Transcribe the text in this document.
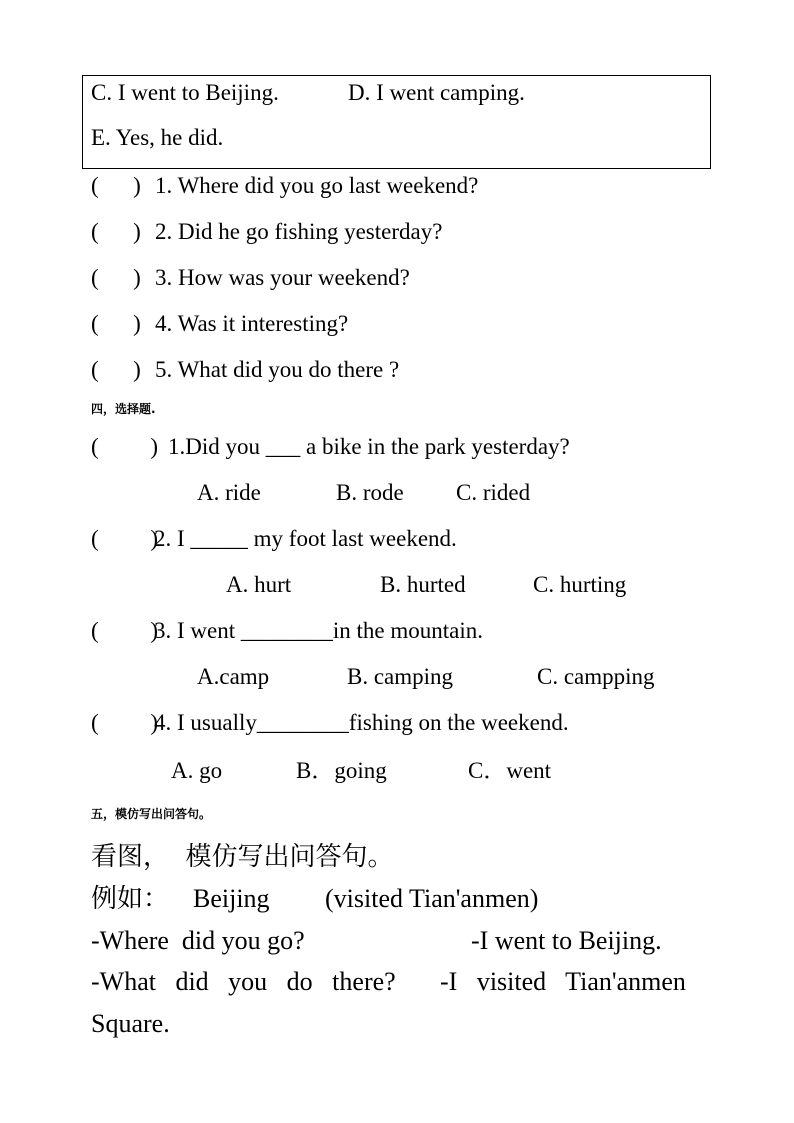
C. I went to Beijing.	D. I went camping.
E. Yes, he did.
(      ) 1. Where did you go last weekend?
(      ) 2. Did he go fishing yesterday?
(      ) 3. How was your weekend?
(      ) 4. Was it interesting?
(      ) 5. What did you do there ?
四，选择题.
(         ) 1.Did you ___ a bike in the park yesterday?
A. ride	B. rode C. rided
(         )
2. I _____ my foot last weekend.
A. hurt	B. hurted	C. hurting
(         )
3. I went ________in the mountain.
A.camp	B. camping	C. campping
(         )
4. I usually________fishing on the weekend.
A. go	B．going	C．went
五，模仿写出问答句。
看图，  模仿写出问答句。
例如： Beijing (visited Tian'anmen)
-Where  did you go?	-I went to Beijing.
-What   did   you   do   there? -I   visited   Tian'anmen
Square.
